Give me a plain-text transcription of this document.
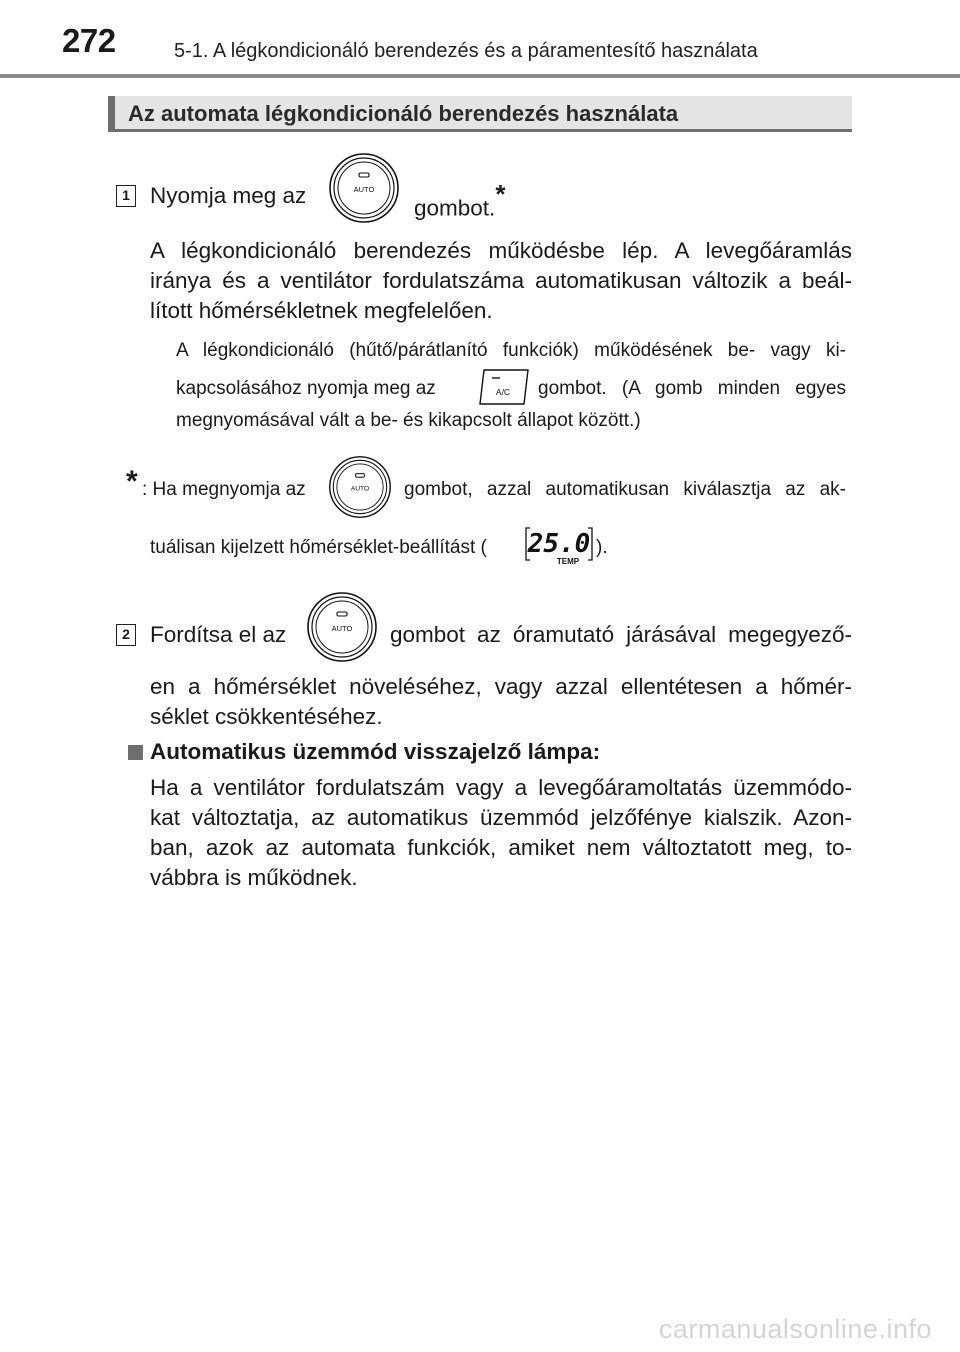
272	5-1. A légkondicionáló berendezés és a páramentesítő használata
Az automata légkondicionáló berendezés használata
1 Nyomja meg az	AUTO
gombot.*
A légkondicionáló berendezés működésbe lép. A levegőáramlás
iránya és a ventilátor fordulatszáma automatikusan változik a beál-
lított hőmérsékletnek megfelelően.
A légkondicionáló (hűtő/párátlanító funkciók) működésének be- vagy ki-
kapcsolásához nyomja meg az	A/C gombot. (A gomb minden egyes
megnyomásával vált a be- és kikapcsolt állapot között.)
* : Ha megnyomja az	AUTO gombot, azzal automatikusan kiválasztja az ak-
tuálisan kijelzett hőmérséklet-beállítást ( 25.0
TEMP
).
2 Fordítsa el az	AUTO gombot az óramutató járásával megegyező-
en a hőmérséklet növeléséhez, vagy azzal ellentétesen a hőmér-
séklet csökkentéséhez.
Automatikus üzemmód visszajelző lámpa:
Ha a ventilátor fordulatszám vagy a levegőáramoltatás üzemmódo-
kat változtatja, az automatikus üzemmód jelzőfénye kialszik. Azon-
ban, azok az automata funkciók, amiket nem változtatott meg, to-
vábbra is működnek.
carmanualsonline.info
